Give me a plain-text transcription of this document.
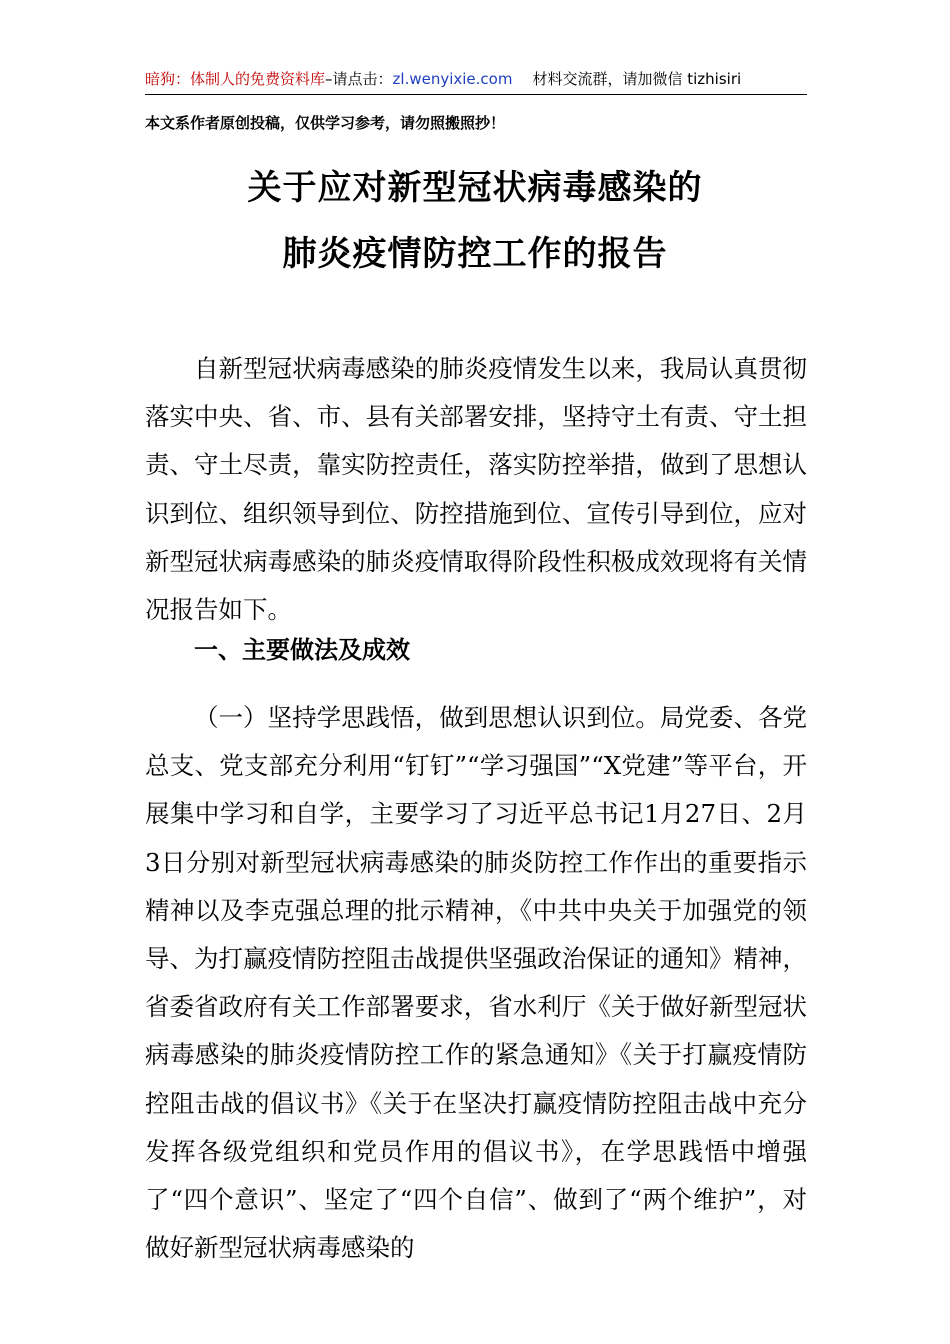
暗狗：体制人的免费资料库–请点击：zl.wenyixie.com 材料交流群，请加微信 tizhisiri
本文系作者原创投稿，仅供学习参考，请勿照搬照抄！
关于应对新型冠状病毒感染的
肺炎疫情防控工作的报告
自新型冠状病毒感染的肺炎疫情发生以来，我局认真贯彻落实中央、省、市、县有关部署安排，坚持守土有责、守土担责、守土尽责，靠实防控责任，落实防控举措，做到了思想认识到位、组织领导到位、防控措施到位、宣传引导到位，应对新型冠状病毒感染的肺炎疫情取得阶段性积极成效现将有关情况报告如下。
一、主要做法及成效
（一）坚持学思践悟，做到思想认识到位。局党委、各党总支、党支部充分利用“钉钉”“学习强国”“X党建”等平台，开展集中学习和自学，主要学习了习近平总书记1月27日、2月3日分别对新型冠状病毒感染的肺炎防控工作作出的重要指示精神以及李克强总理的批示精神，《中共中央关于加强党的领导、为打赢疫情防控阻击战提供坚强政治保证的通知》精神，省委省政府有关工作部署要求，省水利厅《关于做好新型冠状病毒感染的肺炎疫情防控工作的紧急通知》《关于打赢疫情防控阻击战的倡议书》《关于在坚决打赢疫情防控阻击战中充分发挥各级党组织和党员作用的倡议书》，在学思践悟中增强了“四个意识”、坚定了“四个自信”、做到了“两个维护”，对做好新型冠状病毒感染的
